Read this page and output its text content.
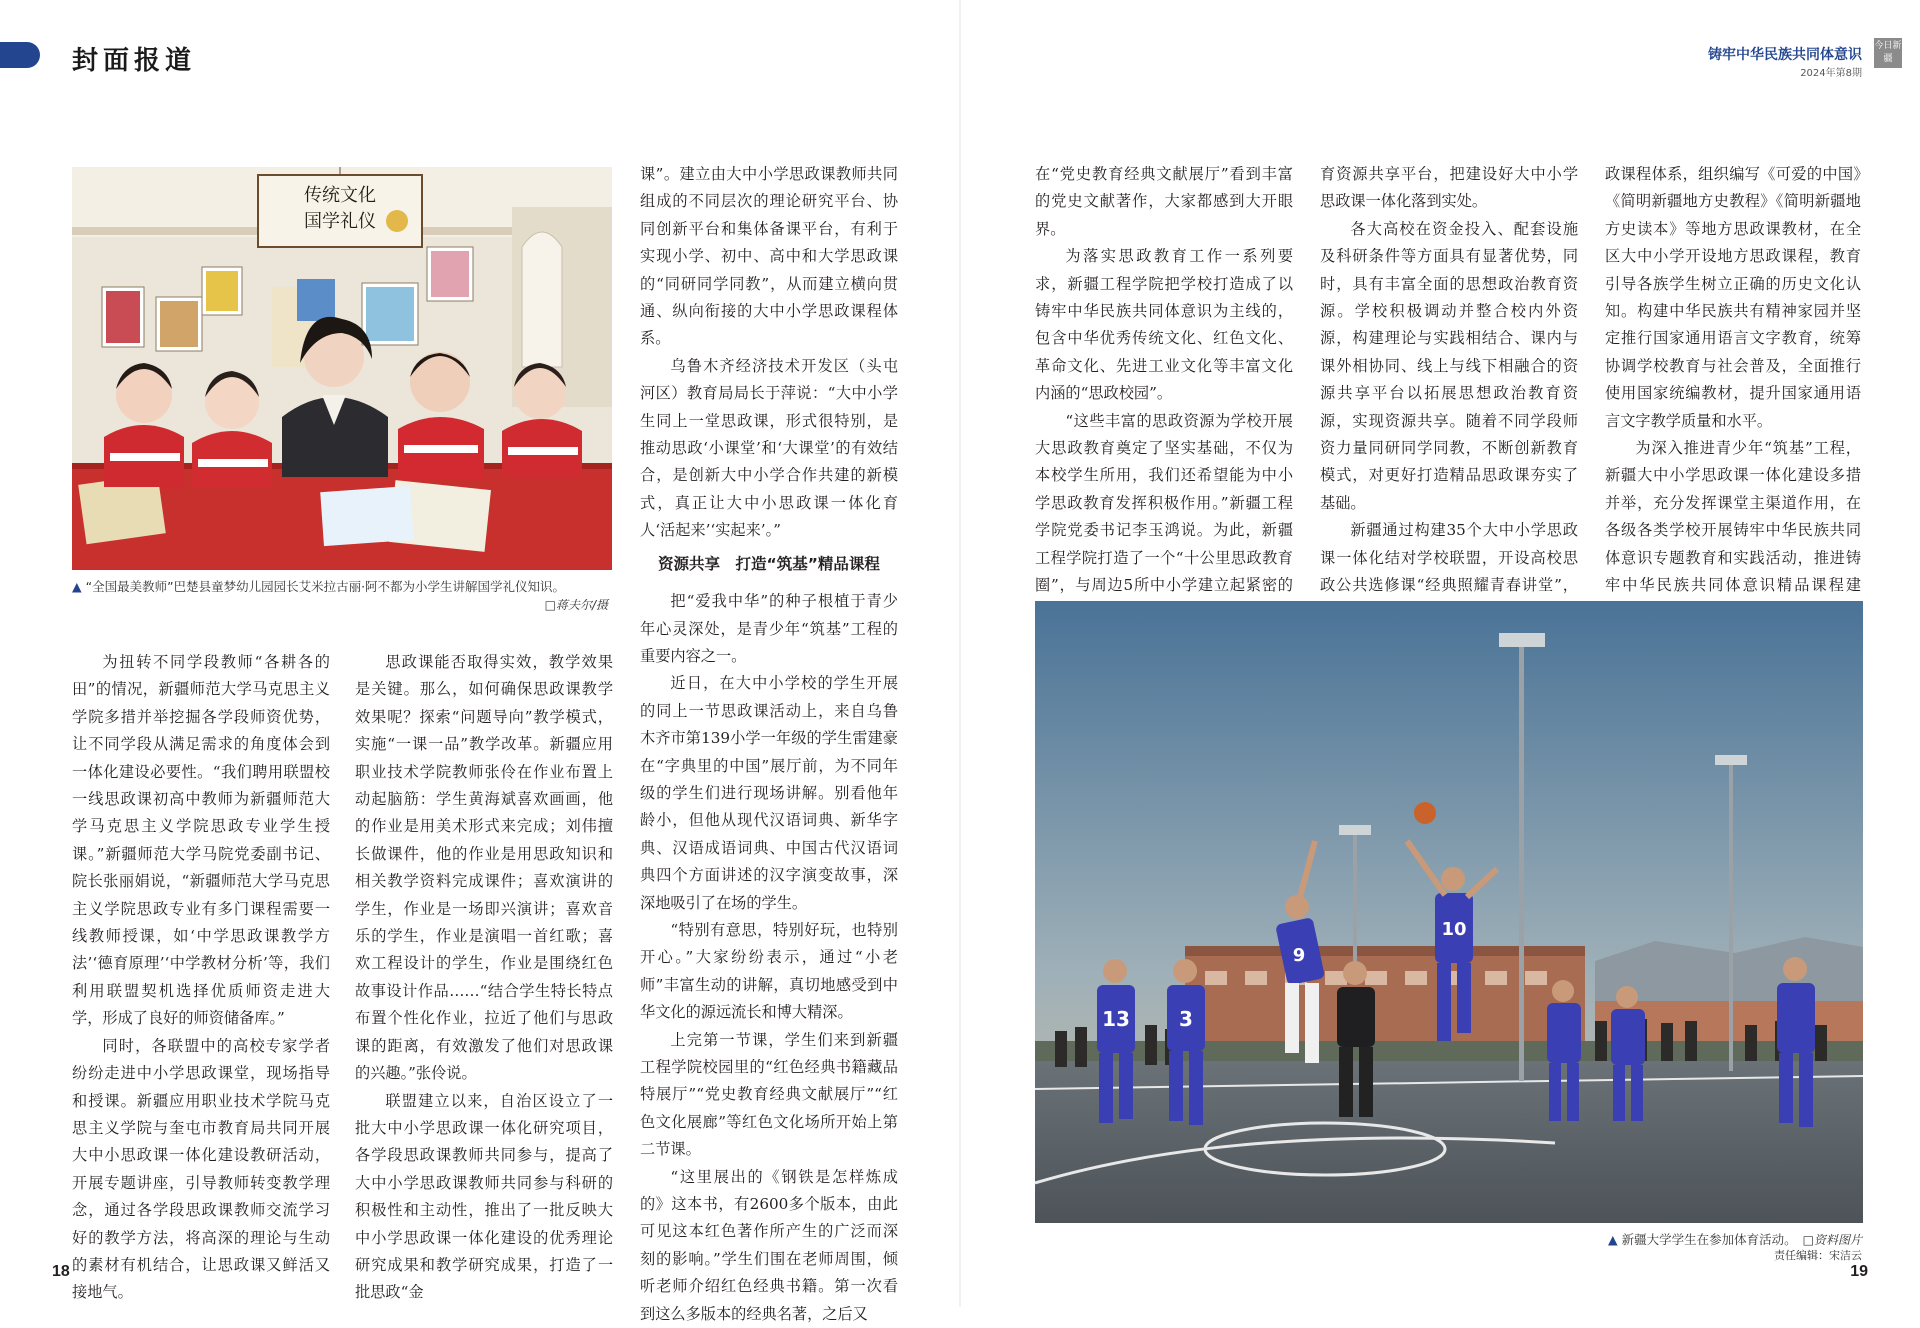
封面报道	铸牢中华民族共同体意识
2024年第8期
今日新疆
传统文化
国学礼仪
▲ “全国最美教师”巴楚县童梦幼儿园园长艾米拉古丽·阿不都为小学生讲解国学礼仪知识。
□蒋夫尔/摄

为扭转不同学段教师“各耕各的田”的情况，新疆师范大学马克思主义学院多措并举挖掘各学段师资优势，让不同学段从满足需求的角度体会到一体化建设必要性。“我们聘用联盟校一线思政课初高中教师为新疆师范大学马克思主义学院思政专业学生授课。”新疆师范大学马院党委副书记、院长张丽娟说，“新疆师范大学马克思主义学院思政专业有多门课程需要一线教师授课，如‘中学思政课教学方法’‘德育原理’‘中学教材分析’等，我们利用联盟契机选择优质师资走进大学，形成了良好的师资储备库。”

同时，各联盟中的高校专家学者纷纷走进中小学思政课堂，现场指导和授课。新疆应用职业技术学院马克思主义学院与奎屯市教育局共同开展大中小思政课一体化建设教研活动，开展专题讲座，引导教师转变教学理念，通过各学段思政课教师交流学习好的教学方法，将高深的理论与生动的素材有机结合，让思政课又鲜活又接地气。

思政课能否取得实效，教学效果是关键。那么，如何确保思政课教学效果呢？探索“问题导向”教学模式，实施“一课一品”教学改革。新疆应用职业技术学院教师张伶在作业布置上动起脑筋：学生黄海斌喜欢画画，他的作业是用美术形式来完成；刘伟擅长做课件，他的作业是用思政知识和相关教学资料完成课件；喜欢演讲的学生，作业是一场即兴演讲；喜欢音乐的学生，作业是演唱一首红歌；喜欢工程设计的学生，作业是围绕红色故事设计作品……“结合学生特长特点布置个性化作业，拉近了他们与思政课的距离，有效激发了他们对思政课的兴趣。”张伶说。

联盟建立以来，自治区设立了一批大中小学思政课一体化研究项目，各学段思政课教师共同参与，提高了大中小学思政课教师共同参与科研的积极性和主动性，推出了一批反映大中小学思政课一体化建设的优秀理论研究成果和教学研究成果，打造了一批思政“金

课”。建立由大中小学思政课教师共同组成的不同层次的理论研究平台、协同创新平台和集体备课平台，有利于实现小学、初中、高中和大学思政课的“同研同学同教”，从而建立横向贯通、纵向衔接的大中小学思政课程体系。

乌鲁木齐经济技术开发区（头屯河区）教育局局长于萍说：“大中小学生同上一堂思政课，形式很特别，是推动思政‘小课堂’和‘大课堂’的有效结合，是创新大中小学合作共建的新模式，真正让大中小思政课一体化育人‘活起来’‘实起来’。”

资源共享　打造“筑基”精品课程

把“爱我中华”的种子根植于青少年心灵深处，是青少年“筑基”工程的重要内容之一。

近日，在大中小学校的学生开展的同上一节思政课活动上，来自乌鲁木齐市第139小学一年级的学生雷建豪在“字典里的中国”展厅前，为不同年级的学生们进行现场讲解。别看他年龄小，但他从现代汉语词典、新华字典、汉语成语词典、中国古代汉语词典四个方面讲述的汉字演变故事，深深地吸引了在场的学生。

“特别有意思，特别好玩，也特别开心。”大家纷纷表示，通过“小老师”丰富生动的讲解，真切地感受到中华文化的源远流长和博大精深。

上完第一节课，学生们来到新疆工程学院校园里的“红色经典书籍藏品特展厅”“党史教育经典文献展厅”“红色文化展廊”等红色文化场所开始上第二节课。

“这里展出的《钢铁是怎样炼成的》这本书，有2600多个版本，由此可见这本红色著作所产生的广泛而深刻的影响。”学生们围在老师周围，倾听老师介绍红色经典书籍。第一次看到这么多版本的经典名著，之后又

在“党史教育经典文献展厅”看到丰富的党史文献著作，大家都感到大开眼界。

为落实思政教育工作一系列要求，新疆工程学院把学校打造成了以铸牢中华民族共同体意识为主线的，包含中华优秀传统文化、红色文化、革命文化、先进工业文化等丰富文化内涵的“思政校园”。

“这些丰富的思政资源为学校开展大思政教育奠定了坚实基础，不仅为本校学生所用，我们还希望能为中小学思政教育发挥积极作用。”新疆工程学院党委书记李玉鸿说。为此，新疆工程学院打造了一个“十公里思政教育圈”，与周边5所中小学建立起紧密的

育资源共享平台，把建设好大中小学思政课一体化落到实处。

各大高校在资金投入、配套设施及科研条件等方面具有显著优势，同时，具有丰富全面的思想政治教育资源。学校积极调动并整合校内外资源，构建理论与实践相结合、课内与课外相协同、线上与线下相融合的资源共享平台以拓展思想政治教育资源，实现资源共享。随着不同学段师资力量同研同学同教，不断创新教育模式，对更好打造精品思政课夯实了基础。

新疆通过构建35个大中小学思政课一体化结对学校联盟，开设高校思政公共选修课“经典照耀青春讲堂”，

政课程体系，组织编写《可爱的中国》《简明新疆地方史教程》《简明新疆地方史读本》等地方思政课教材，在全区大中小学开设地方思政课程，教育引导各族学生树立正确的历史文化认知。构建中华民族共有精神家园并坚定推行国家通用语言文字教育，统筹协调学校教育与社会普及，全面推行使用国家统编教材，提升国家通用语言文字教学质量和水平。

为深入推进青少年“筑基”工程，新疆大中小学思政课一体化建设多措并举，充分发挥课堂主渠道作用，在各级各类学校开展铸牢中华民族共同体意识专题教育和实践活动，推进铸牢中华民族共同体意识精品课程建

13 3
9
10
▲ 新疆大学学生在参加体育活动。 □资料图片
责任编辑：宋洁云
18	19
